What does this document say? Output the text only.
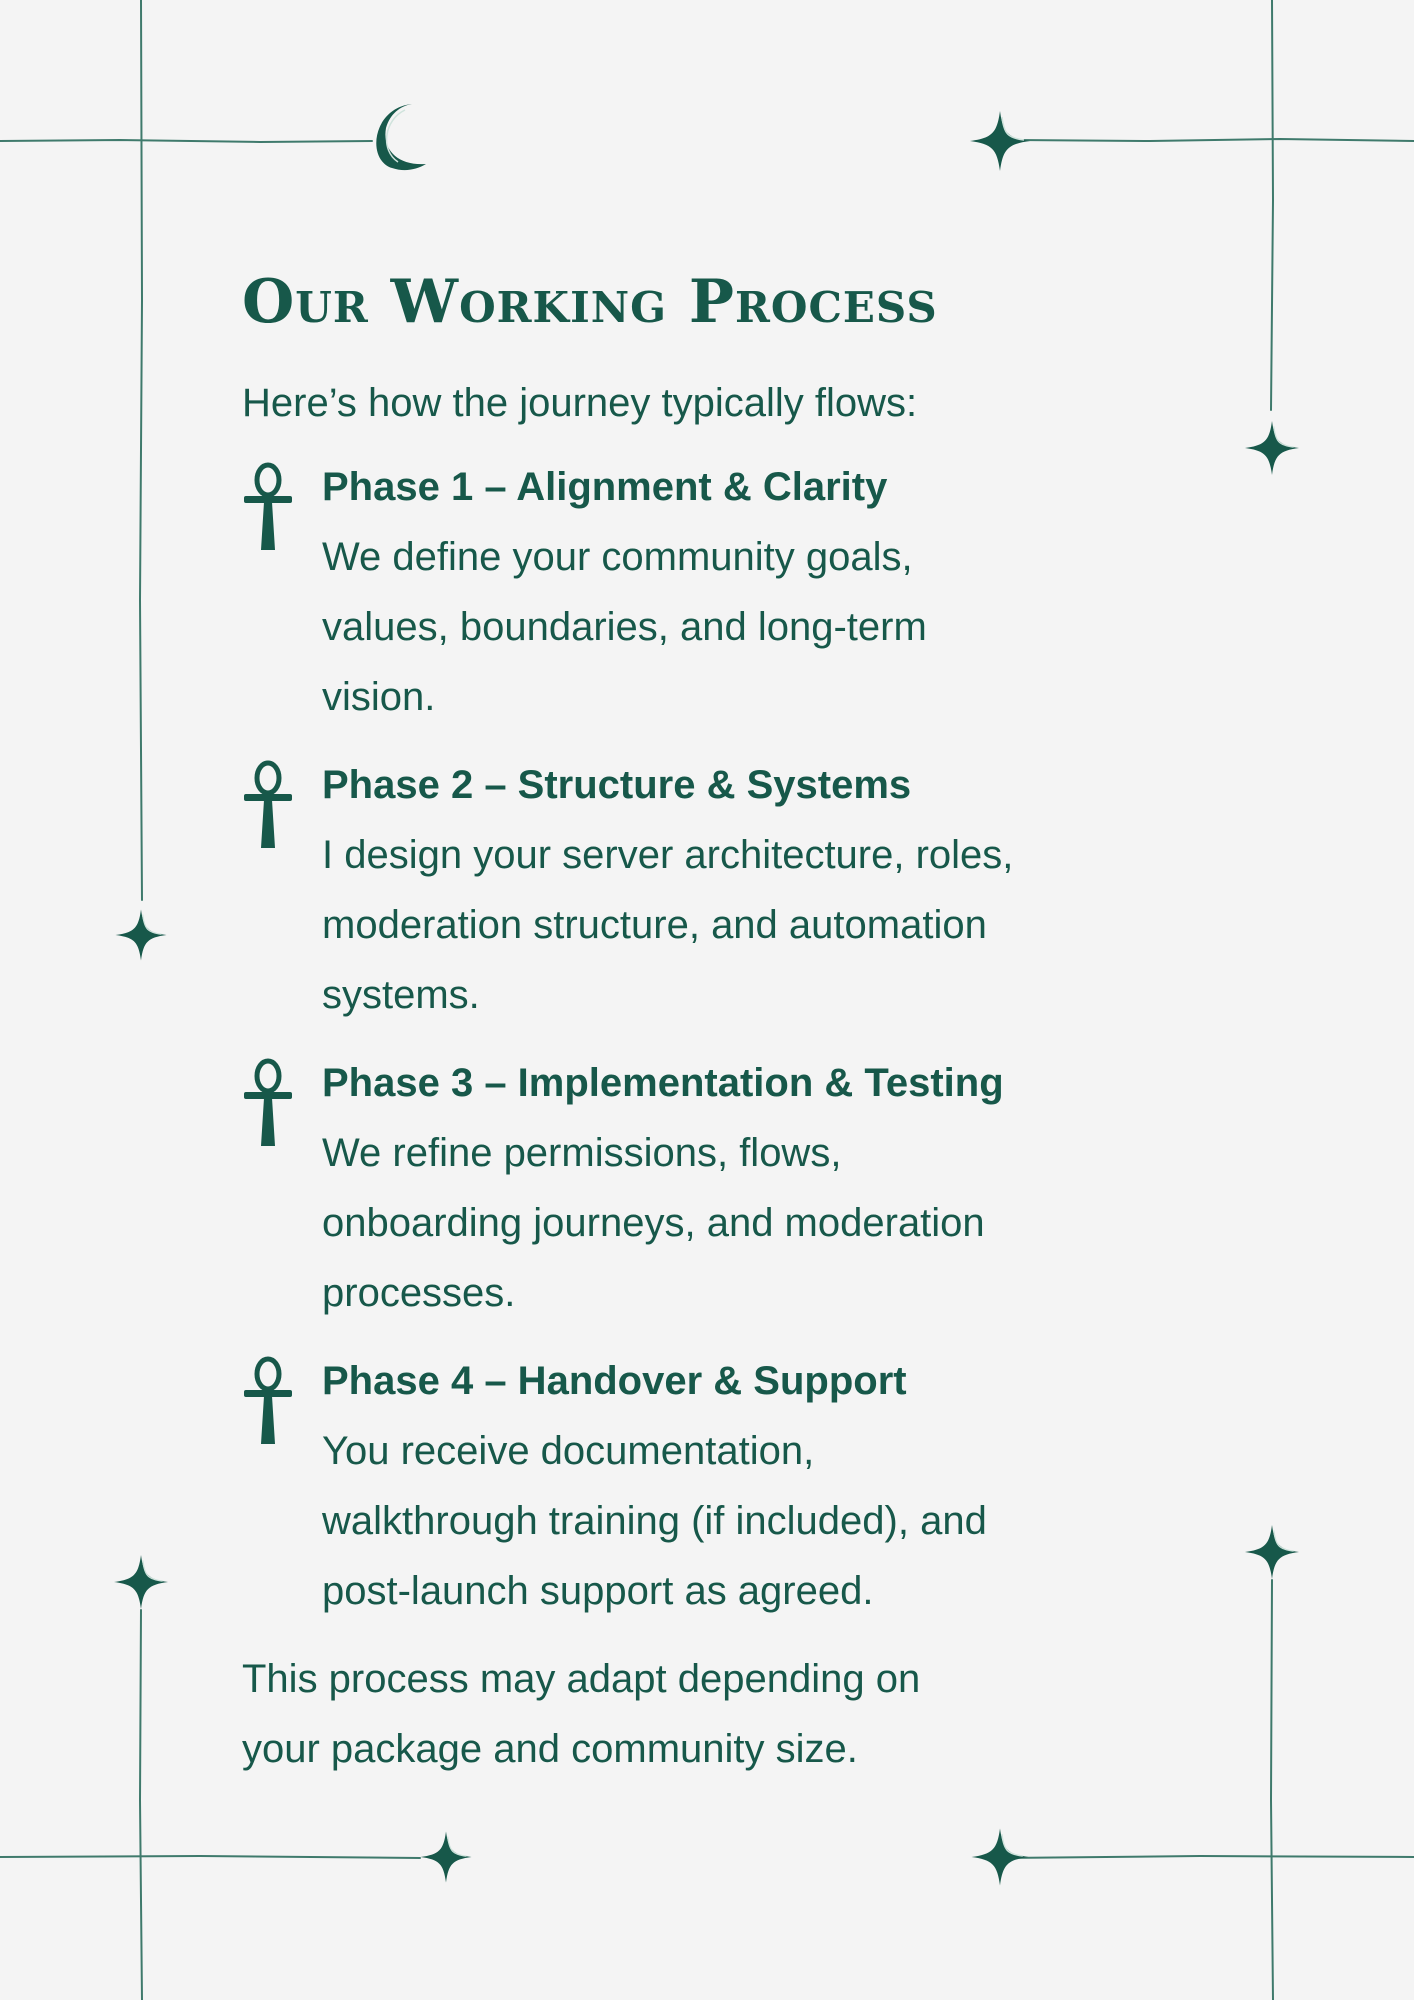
Our Working Process
Here’s how the journey typically flows:
Phase 1 – Alignment & Clarity
We define your community goals,
values, boundaries, and long-term
vision.
Phase 2 – Structure & Systems
I design your server architecture, roles,
moderation structure, and automation
systems.
Phase 3 – Implementation & Testing
We refine permissions, flows,
onboarding journeys, and moderation
processes.
Phase 4 – Handover & Support
You receive documentation,
walkthrough training (if included), and
post-launch support as agreed.
This process may adapt depending on
your package and community size.
